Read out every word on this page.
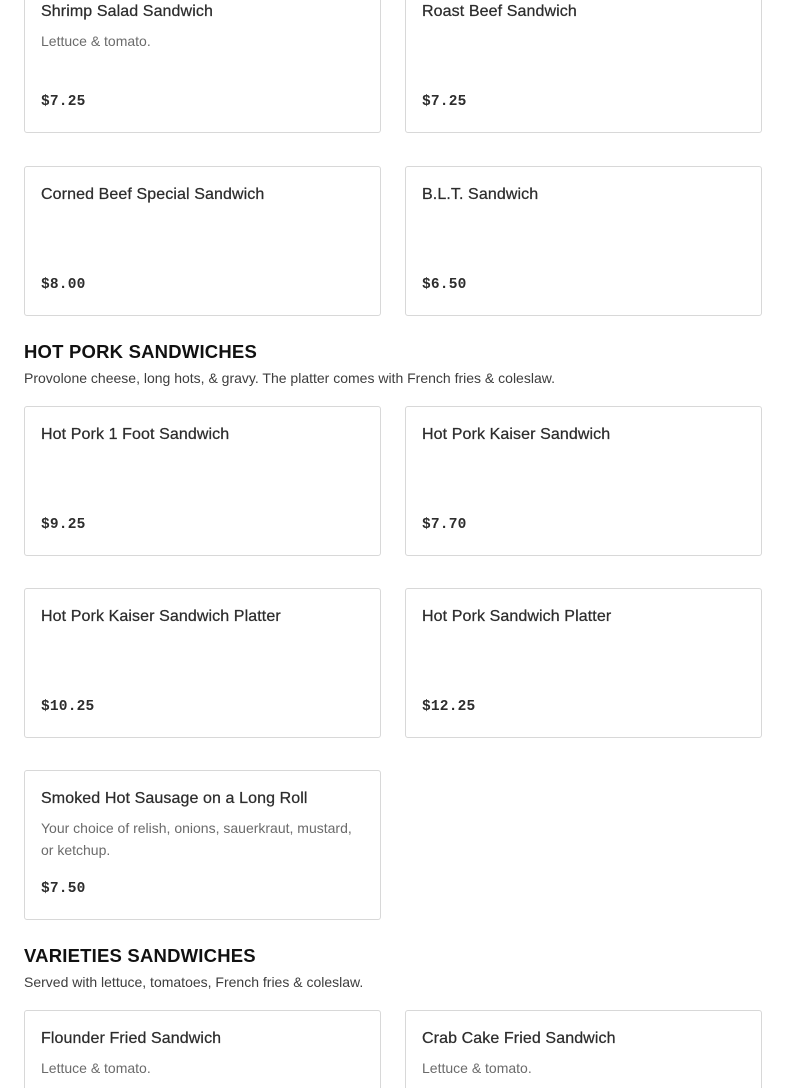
Shrimp Salad Sandwich
Lettuce & tomato.
$7.25
Roast Beef Sandwich
$7.25
Corned Beef Special Sandwich
$8.00
B.L.T. Sandwich
$6.50
HOT PORK SANDWICHES
Provolone cheese, long hots, & gravy. The platter comes with French fries & coleslaw.
Hot Pork 1 Foot Sandwich
$9.25
Hot Pork Kaiser Sandwich
$7.70
Hot Pork Kaiser Sandwich Platter
$10.25
Hot Pork Sandwich Platter
$12.25
Smoked Hot Sausage on a Long Roll
Your choice of relish, onions, sauerkraut, mustard, or ketchup.
$7.50
VARIETIES SANDWICHES
Served with lettuce, tomatoes, French fries & coleslaw.
Flounder Fried Sandwich
Lettuce & tomato.
Crab Cake Fried Sandwich
Lettuce & tomato.
